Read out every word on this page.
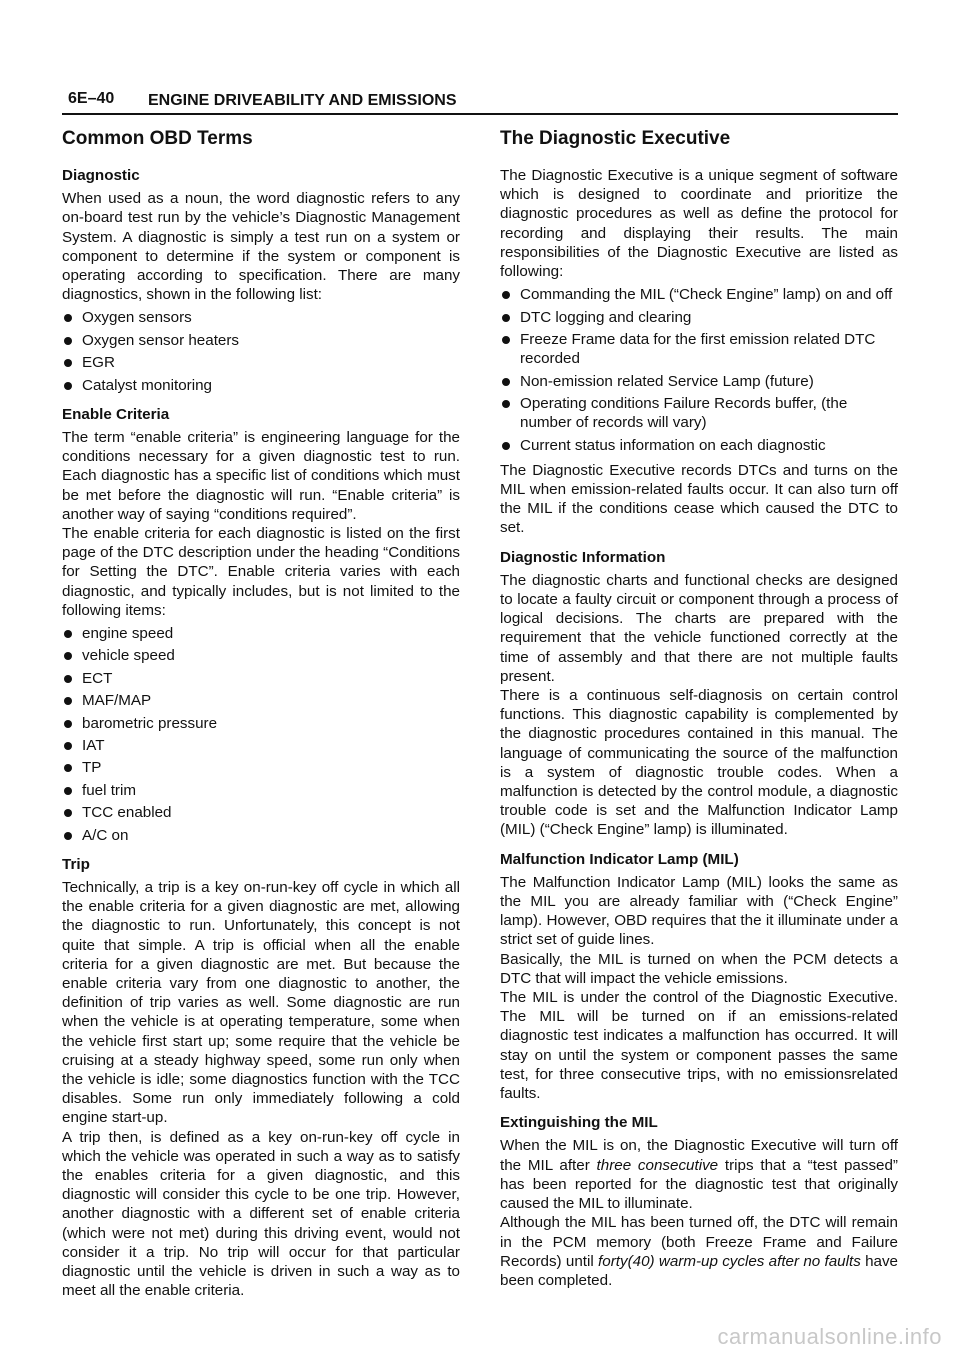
6E–40 ENGINE DRIVEABILITY AND EMISSIONS
Common OBD Terms
Diagnostic

When used as a noun, the word diagnostic refers to any on-board test run by the vehicle’s Diagnostic Management System. A diagnostic is simply a test run on a system or component to determine if the system or component is operating according to specification. There are many diagnostics, shown in the following list:

Oxygen sensors
Oxygen sensor heaters
EGR
Catalyst monitoring
Enable Criteria

The term “enable criteria” is engineering language for the conditions necessary for a given diagnostic test to run. Each diagnostic has a specific list of conditions which must be met before the diagnostic will run. “Enable criteria” is another way of saying “conditions required”.

The enable criteria for each diagnostic is listed on the first page of the DTC description under the heading “Conditions for Setting the DTC”. Enable criteria varies with each diagnostic, and typically includes, but is not limited to the following items:

engine speed
vehicle speed
ECT
MAF/MAP
barometric pressure
IAT
TP
fuel trim
TCC enabled
A/C on
Trip

Technically, a trip is a key on-run-key off cycle in which all the enable criteria for a given diagnostic are met, allowing the diagnostic to run. Unfortunately, this concept is not quite that simple. A trip is official when all the enable criteria for a given diagnostic are met. But because the enable criteria vary from one diagnostic to another, the definition of trip varies as well. Some diagnostic are run when the vehicle is at operating temperature, some when the vehicle first start up; some require that the vehicle be cruising at a steady highway speed, some run only when the vehicle is idle; some diagnostics function with the TCC disables. Some run only immediately following a cold engine start-up.

A trip then, is defined as a key on-run-key off cycle in which the vehicle was operated in such a way as to satisfy the enables criteria for a given diagnostic, and this diagnostic will consider this cycle to be one trip. However, another diagnostic with a different set of enable criteria (which were not met) during this driving event, would not consider it a trip. No trip will occur for that particular diagnostic until the vehicle is driven in such a way as to meet all the enable criteria.

The Diagnostic Executive

The Diagnostic Executive is a unique segment of software which is designed to coordinate and prioritize the diagnostic procedures as well as define the protocol for recording and displaying their results. The main responsibilities of the Diagnostic Executive are listed as following:

Commanding the MIL (“Check Engine” lamp) on and off
DTC logging and clearing
Freeze Frame data for the first emission related DTC recorded
Non-emission related Service Lamp (future)
Operating conditions Failure Records buffer, (the number of records will vary)
Current status information on each diagnostic

The Diagnostic Executive records DTCs and turns on the MIL when emission-related faults occur. It can also turn off the MIL if the conditions cease which caused the DTC to set.

Diagnostic Information

The diagnostic charts and functional checks are designed to locate a faulty circuit or component through a process of logical decisions. The charts are prepared with the requirement that the vehicle functioned correctly at the time of assembly and that there are not multiple faults present.

There is a continuous self-diagnosis on certain control functions. This diagnostic capability is complemented by the diagnostic procedures contained in this manual. The language of communicating the source of the malfunction is a system of diagnostic trouble codes. When a malfunction is detected by the control module, a diagnostic trouble code is set and the Malfunction Indicator Lamp (MIL) (“Check Engine” lamp) is illuminated.

Malfunction Indicator Lamp (MIL)

The Malfunction Indicator Lamp (MIL) looks the same as the MIL you are already familiar with (“Check Engine” lamp). However, OBD requires that the it illuminate under a strict set of guide lines.

Basically, the MIL is turned on when the PCM detects a DTC that will impact the vehicle emissions.

The MIL is under the control of the Diagnostic Executive. The MIL will be turned on if an emissions-related diagnostic test indicates a malfunction has occurred. It will stay on until the system or component passes the same test, for three consecutive trips, with no emissionsrelated faults.

Extinguishing the MIL

When the MIL is on, the Diagnostic Executive will turn off the MIL after three consecutive trips that a “test passed” has been reported for the diagnostic test that originally caused the MIL to illuminate.

Although the MIL has been turned off, the DTC will remain in the PCM memory (both Freeze Frame and Failure Records) until forty(40) warm-up cycles after no faults have been completed.

carmanualsonline.info
